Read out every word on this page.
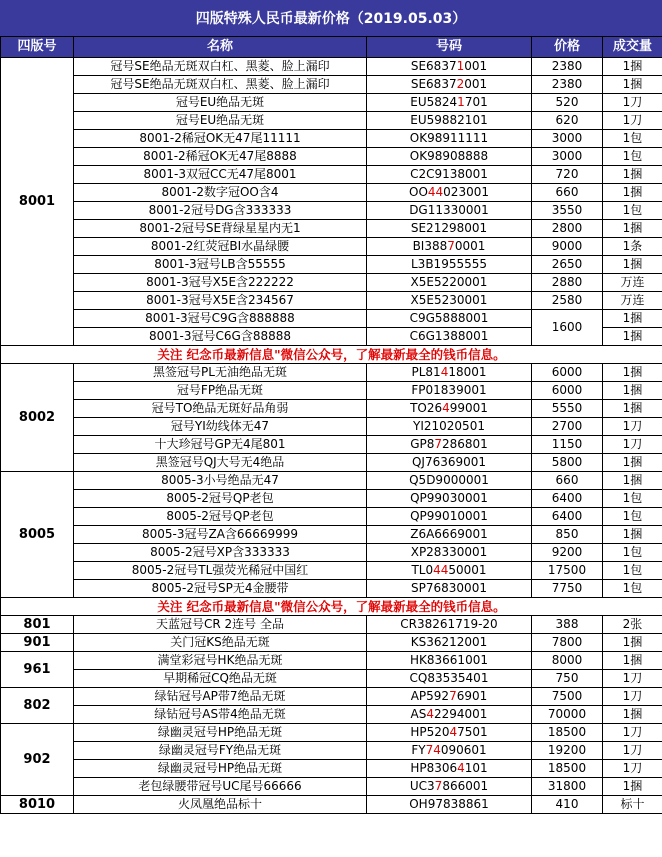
四版特殊人民币最新价格（2019.05.03）
四版号	名称	号码	价格	成交量
8001	冠号SE绝品无斑双白杠、黑菱、脸上漏印	SE68371001	2380	1捆
	冠号SE绝品无斑双白杠、黑菱、脸上漏印	SE68372001	2380	1捆
	冠号EU绝品无斑	EU58241701	520	1刀
	冠号EU绝品无斑	EU59882101	620	1刀
	8001-2稀冠OK无47尾11111	OK98911111	3000	1包
	8001-2稀冠OK无47尾8888	OK98908888	3000	1包
	8001-3双冠CC无47尾8001	C2C9138001	720	1捆
	8001-2数字冠OO含4	OO44023001	660	1捆
	8001-2冠号DG含333333	DG11330001	3550	1包
	8001-2冠号SE背绿星星内无1	SE21298001	2800	1捆
	8001-2红荧冠BI水晶绿腰	BI38870001	9000	1条
	8001-3冠号LB含55555	L3B1955555	2650	1捆
	8001-3冠号X5E含222222	X5E5220001	2880	万连
	8001-3冠号X5E含234567	X5E5230001	2580	万连
	8001-3冠号C9G含888888	C9G5888001	1600	1捆
	8001-3冠号C6G含88888	C6G1388001		1捆
关注 纪念币最新信息"微信公众号，了解最新最全的钱币信息。				
8002	黑签冠号PL无油绝品无斑	PL81418001	6000	1捆
	冠号FP绝品无斑	FP01839001	6000	1捆
	冠号TO绝品无斑好品角弱	TO26499001	5550	1捆
	冠号YI幼线体无47	YI21020501	2700	1刀
	十大珍冠号GP无4尾801	GP87286801	1150	1刀
	黑签冠号QJ大号无4绝品	QJ76369001	5800	1捆
8005	8005-3小号绝品无47	Q5D9000001	660	1捆
	8005-2冠号QP老包	QP99030001	6400	1包
	8005-2冠号QP老包	QP99010001	6400	1包
	8005-3冠号ZA含66669999	Z6A6669001	850	1捆
	8005-2冠号XP含333333	XP28330001	9200	1包
	8005-2冠号TL强荧光稀冠中国红	TL04450001	17500	1包
	8005-2冠号SP无4金腰带	SP76830001	7750	1包
关注 纪念币最新信息"微信公众号，了解最新最全的钱币信息。				
801	天蓝冠号CR 2连号 全品	CR38261719-20	388	2张
901	关门冠KS绝品无斑	KS36212001	7800	1捆
961	满堂彩冠号HK绝品无斑	HK83661001	8000	1捆
	早期稀冠CQ绝品无斑	CQ83535401	750	1刀
802	绿钻冠号AP带7绝品无斑	AP59276901	7500	1刀
	绿钻冠号AS带4绝品无斑	AS42294001	70000	1捆
902	绿幽灵冠号HP绝品无斑	HP52047501	18500	1刀
	绿幽灵冠号FY绝品无斑	FY74090601	19200	1刀
	绿幽灵冠号HP绝品无斑	HP83064101	18500	1刀
	老包绿腰带冠号UC尾号66666	UC37866001	31800	1捆
8010	火凤凰绝品标十	OH97838861	410	标十
